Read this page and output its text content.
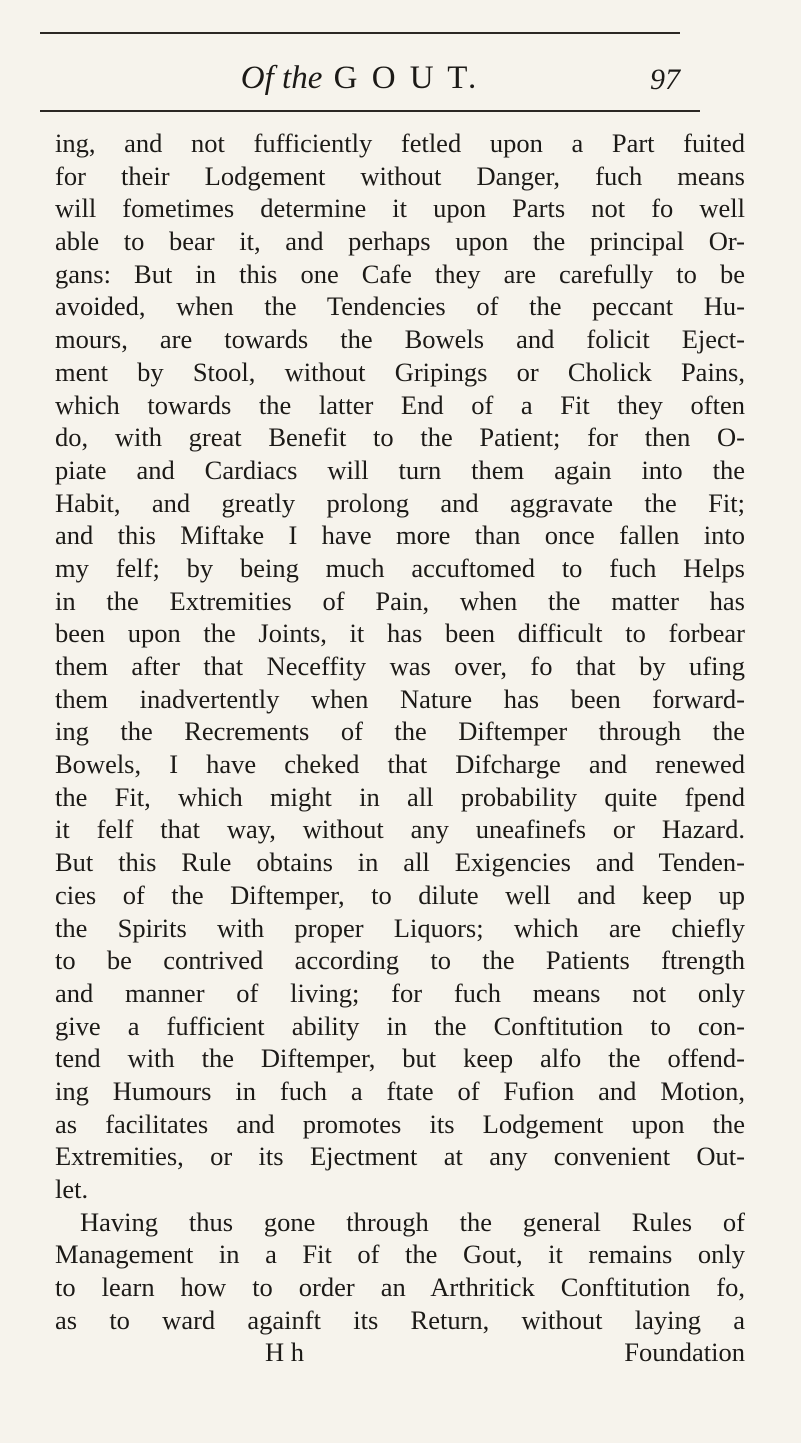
Of the G O U T.	97
ing, and not fufficiently fetled upon a Part fuited
for their Lodgement without Danger, fuch means
will fometimes determine it upon Parts not fo well
able to bear it, and perhaps upon the principal Or-
gans: But in this one Cafe they are carefully to be
avoided, when the Tendencies of the peccant Hu-
mours, are towards the Bowels and folicit Eject-
ment by Stool, without Gripings or Cholick Pains,
which towards the latter End of a Fit they often
do, with great Benefit to the Patient; for then O-
piate and Cardiacs will turn them again into the
Habit, and greatly prolong and aggravate the Fit;
and this Miftake I have more than once fallen into
my felf; by being much accuftomed to fuch Helps
in the Extremities of Pain, when the matter has
been upon the Joints, it has been difficult to forbear
them after that Neceffity was over, fo that by ufing
them inadvertently when Nature has been forward-
ing the Recrements of the Diftemper through the
Bowels, I have cheked that Difcharge and renewed
the Fit, which might in all probability quite fpend
it felf that way, without any uneafinefs or Hazard.
But this Rule obtains in all Exigencies and Tenden-
cies of the Diftemper, to dilute well and keep up
the Spirits with proper Liquors; which are chiefly
to be contrived according to the Patients ftrength
and manner of living; for fuch means not only
give a fufficient ability in the Conftitution to con-
tend with the Diftemper, but keep alfo the offend-
ing Humours in fuch a ftate of Fufion and Motion,
as facilitates and promotes its Lodgement upon the
Extremities, or its Ejectment at any convenient Out-
let.
Having thus gone through the general Rules of
Management in a Fit of the Gout, it remains only
to learn how to order an Arthritick Conftitution fo,
as to ward againft its Return, without laying a
H h	Foundation
